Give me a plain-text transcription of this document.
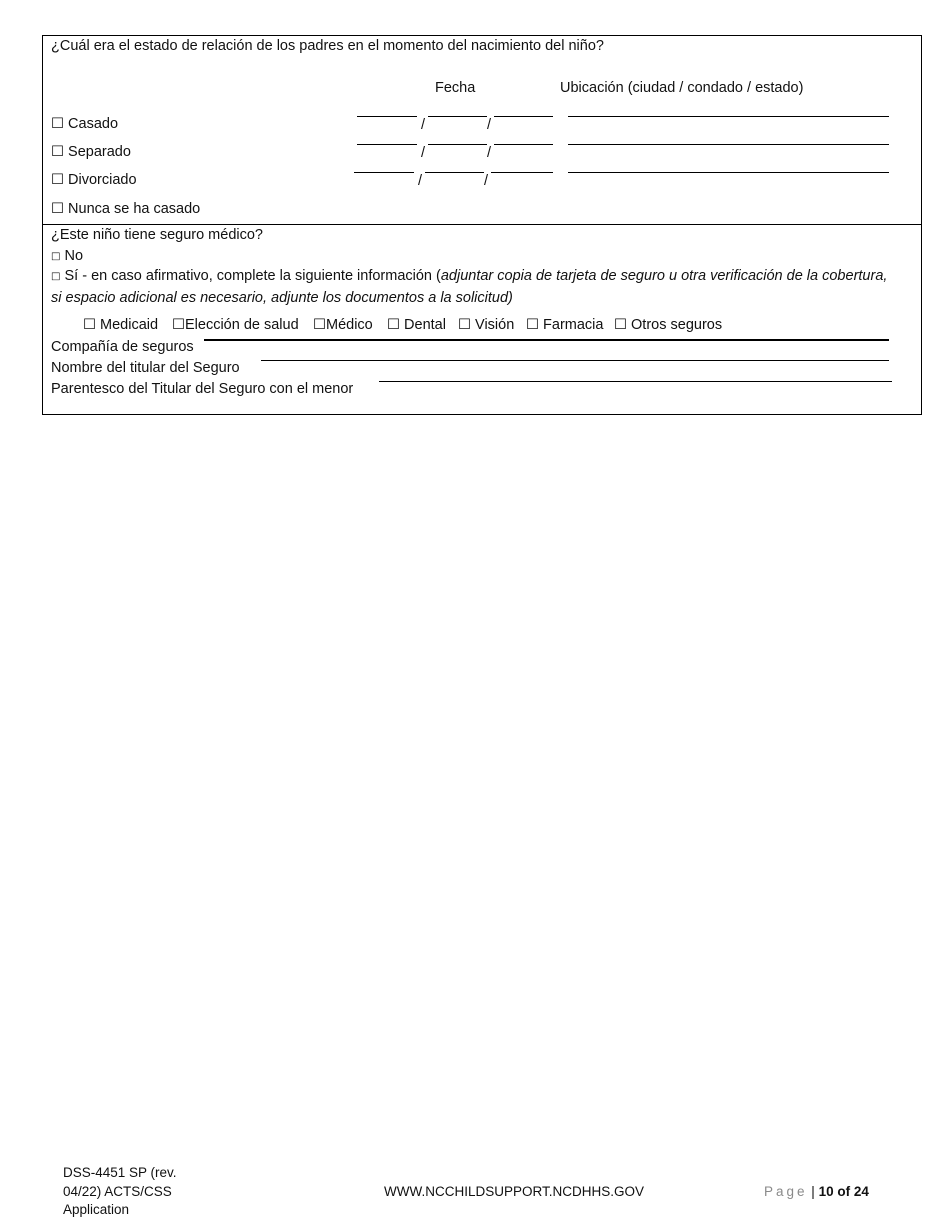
¿Cuál era el estado de relación de los padres en el momento del nacimiento del niño?
Fecha	Ubicación (ciudad / condado / estado)
☐ Casado	/	/
☐ Separado	/	/
☐ Divorciado	/	/
☐ Nunca se ha casado
¿Este niño tiene seguro médico?
□ No
□ Sí - en caso afirmativo, complete la siguiente información (adjuntar copia de tarjeta de seguro u otra verificación de la cobertura, si espacio adicional es necesario, adjunte los documentos a la solicitud)
☐ Medicaid ☐Elección de salud ☐Médico ☐ Dental ☐ Visión ☐ Farmacia ☐ Otros seguros
Compañía de seguros
Nombre del titular del Seguro
Parentesco del Titular del Seguro con el menor
DSS-4451 SP (rev.
04/22) ACTS/CSS
Application
WWW.NCCHILDSUPPORT.NCDHHS.GOV	Page | 10 of 24
